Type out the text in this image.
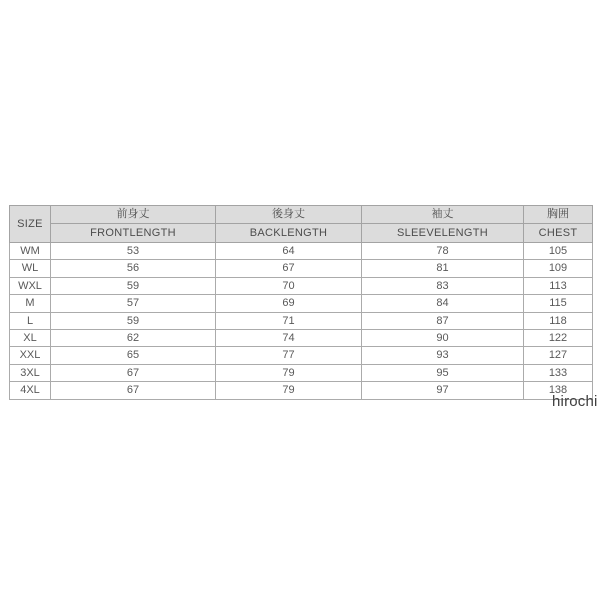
SIZE	前身丈	後身丈	袖丈	胸囲
	FRONTLENGTH	BACKLENGTH	SLEEVELENGTH	CHEST
WM	53	64	78	105
WL	56	67	81	109
WXL	59	70	83	113
M	57	69	84	115
L	59	71	87	118
XL	62	74	90	122
XXL	65	77	93	127
3XL	67	79	95	133
4XL	67	79	97	138
hirochi
